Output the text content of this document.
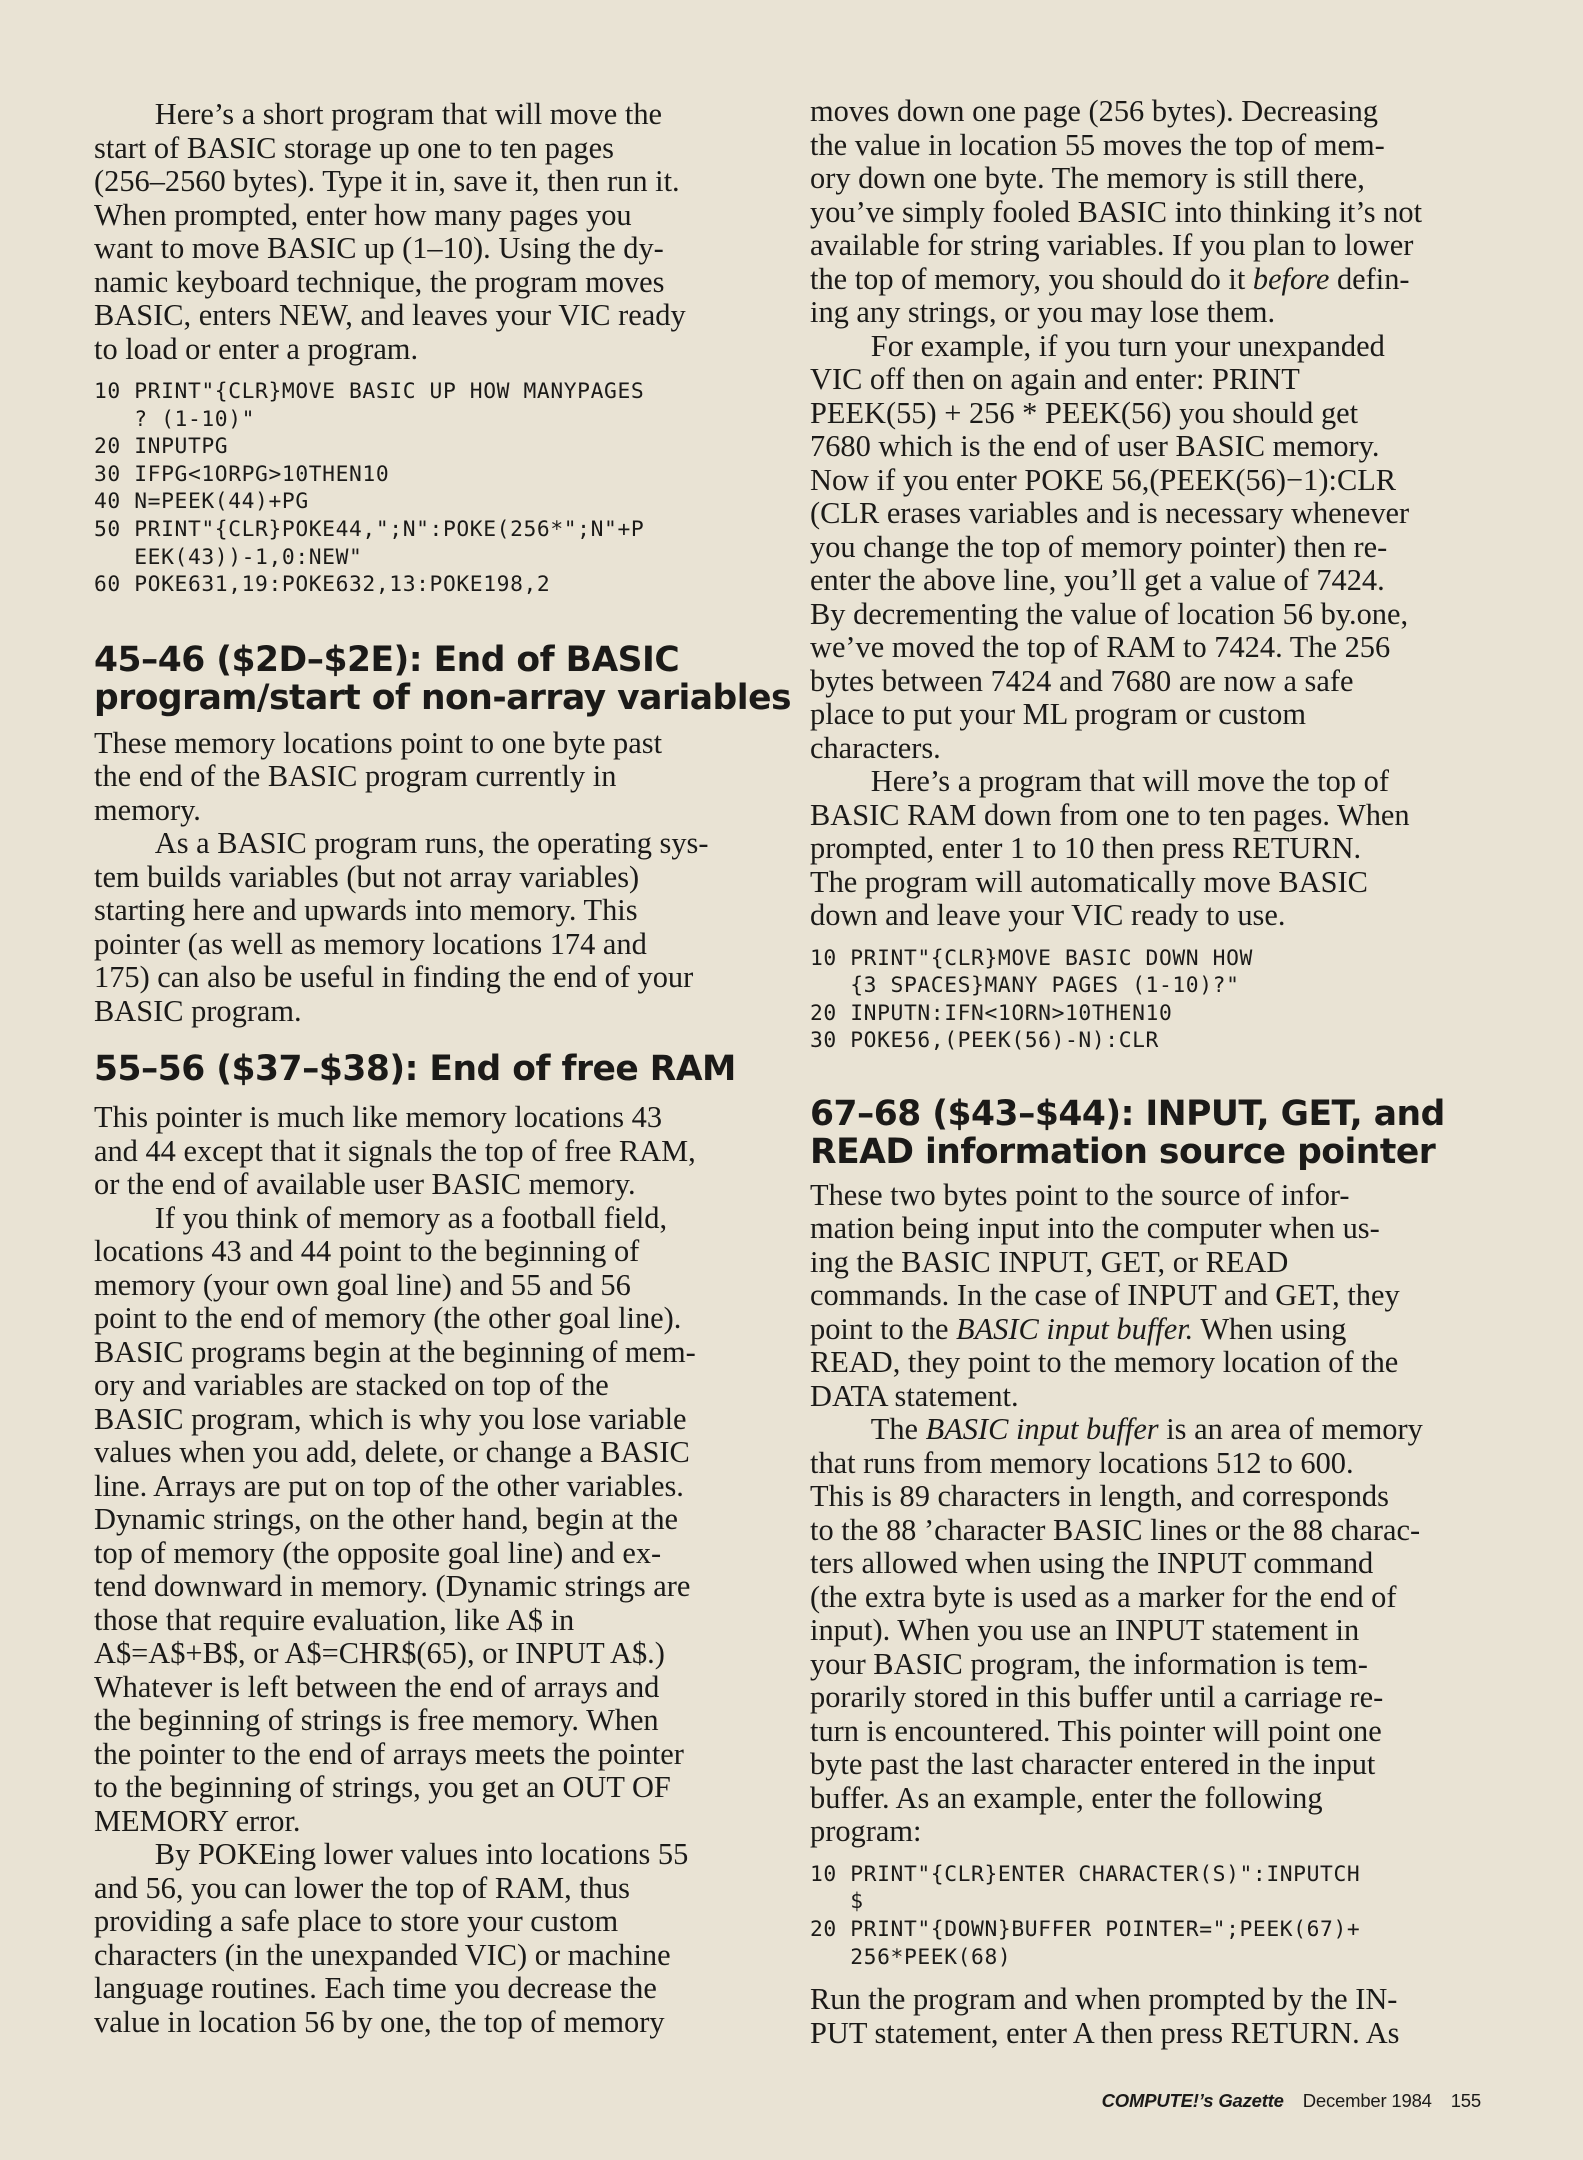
Here’s a short program that will move the
start of BASIC storage up one to ten pages
(256–2560 bytes). Type it in, save it, then run it.
When prompted, enter how many pages you
want to move BASIC up (1–10). Using the dy-
namic keyboard technique, the program moves
BASIC, enters NEW, and leaves your VIC ready
to load or enter a program.
10 PRINT"{CLR}MOVE BASIC UP HOW MANYPAGES
? (1-10)"
20 INPUTPG
30 IFPG<1ORPG>10THEN10
40 N=PEEK(44)+PG
50 PRINT"{CLR}POKE44,";N":POKE(256*";N"+P
EEK(43))-1,0:NEW"
60 POKE631,19:POKE632,13:POKE198,2
45–46 ($2D–$2E): End of BASIC
program/start of non-array variables
These memory locations point to one byte past
the end of the BASIC program currently in
memory.
As a BASIC program runs, the operating sys-
tem builds variables (but not array variables)
starting here and upwards into memory. This
pointer (as well as memory locations 174 and
175) can also be useful in finding the end of your
BASIC program.
55–56 ($37–$38): End of free RAM
This pointer is much like memory locations 43
and 44 except that it signals the top of free RAM,
or the end of available user BASIC memory.
If you think of memory as a football field,
locations 43 and 44 point to the beginning of
memory (your own goal line) and 55 and 56
point to the end of memory (the other goal line).
BASIC programs begin at the beginning of mem-
ory and variables are stacked on top of the
BASIC program, which is why you lose variable
values when you add, delete, or change a BASIC
line. Arrays are put on top of the other variables.
Dynamic strings, on the other hand, begin at the
top of memory (the opposite goal line) and ex-
tend downward in memory. (Dynamic strings are
those that require evaluation, like A$ in
A$=A$+B$, or A$=CHR$(65), or INPUT A$.)
Whatever is left between the end of arrays and
the beginning of strings is free memory. When
the pointer to the end of arrays meets the pointer
to the beginning of strings, you get an OUT OF
MEMORY error.
By POKEing lower values into locations 55
and 56, you can lower the top of RAM, thus
providing a safe place to store your custom
characters (in the unexpanded VIC) or machine
language routines. Each time you decrease the
value in location 56 by one, the top of memory
moves down one page (256 bytes). Decreasing
the value in location 55 moves the top of mem-
ory down one byte. The memory is still there,
you’ve simply fooled BASIC into thinking it’s not
available for string variables. If you plan to lower
the top of memory, you should do it before defin-
ing any strings, or you may lose them.
For example, if you turn your unexpanded
VIC off then on again and enter: PRINT
PEEK(55) + 256 * PEEK(56) you should get
7680 which is the end of user BASIC memory.
Now if you enter POKE 56,(PEEK(56)−1):CLR
(CLR erases variables and is necessary whenever
you change the top of memory pointer) then re-
enter the above line, you’ll get a value of 7424.
By decrementing the value of location 56 by.one,
we’ve moved the top of RAM to 7424. The 256
bytes between 7424 and 7680 are now a safe
place to put your ML program or custom
characters.
Here’s a program that will move the top of
BASIC RAM down from one to ten pages. When
prompted, enter 1 to 10 then press RETURN.
The program will automatically move BASIC
down and leave your VIC ready to use.
10 PRINT"{CLR}MOVE BASIC DOWN HOW
{3 SPACES}MANY PAGES (1-10)?"
20 INPUTN:IFN<1ORN>10THEN10
30 POKE56,(PEEK(56)-N):CLR
67–68 ($43–$44): INPUT, GET, and
READ information source pointer
These two bytes point to the source of infor-
mation being input into the computer when us-
ing the BASIC INPUT, GET, or READ
commands. In the case of INPUT and GET, they
point to the BASIC input buffer. When using
READ, they point to the memory location of the
DATA statement.
The BASIC input buffer is an area of memory
that runs from memory locations 512 to 600.
This is 89 characters in length, and corresponds
to the 88 ’character BASIC lines or the 88 charac-
ters allowed when using the INPUT command
(the extra byte is used as a marker for the end of
input). When you use an INPUT statement in
your BASIC program, the information is tem-
porarily stored in this buffer until a carriage re-
turn is encountered. This pointer will point one
byte past the last character entered in the input
buffer. As an example, enter the following
program:
10 PRINT"{CLR}ENTER CHARACTER(S)":INPUTCH
$
20 PRINT"{DOWN}BUFFER POINTER=";PEEK(67)+
256*PEEK(68)
Run the program and when prompted by the IN-
PUT statement, enter A then press RETURN. As
COMPUTE!’s Gazette December 1984 155
